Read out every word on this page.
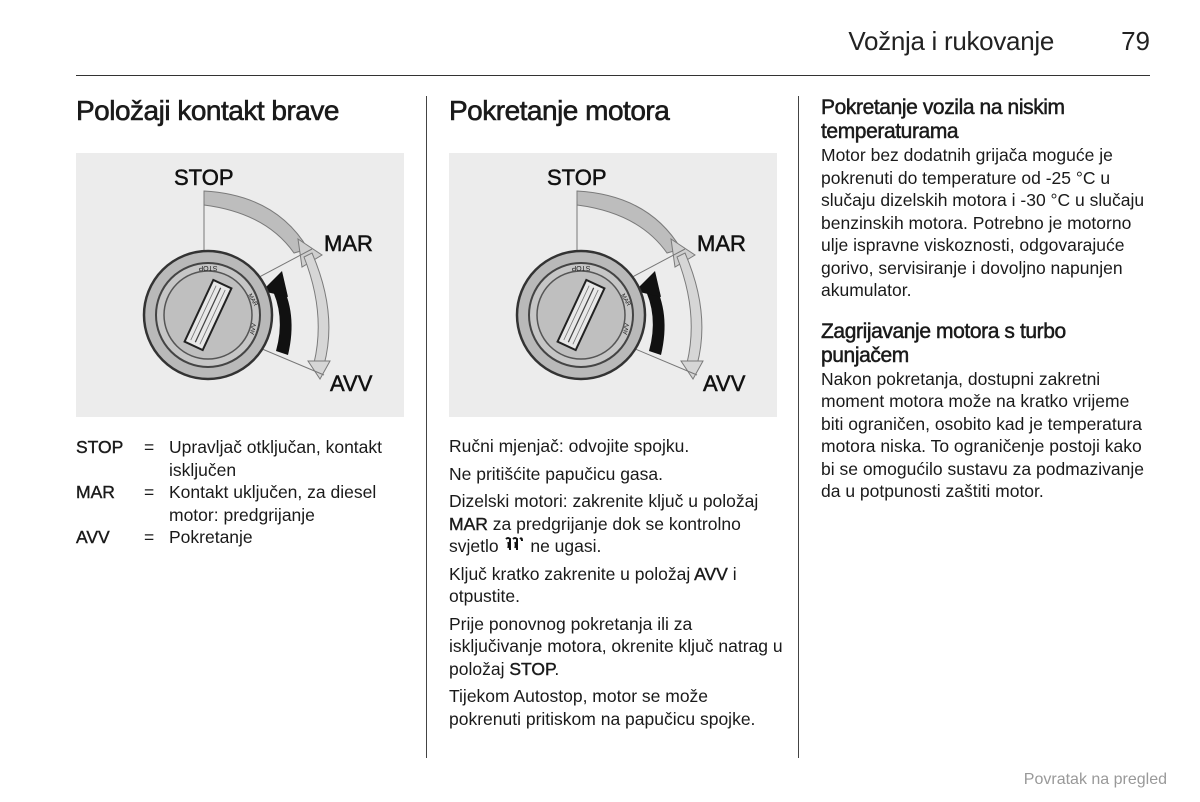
Vožnja i rukovanje	79
Položaji kontakt brave
STOP
MAR
AVV
STOP
MAR
AVV
STOP	= Upravljač otključan, kontakt isključen
MAR	= Kontakt uključen, za diesel motor: predgrijanje
AVV	= Pokretanje
Pokretanje motora
STOP
MAR
AVV
STOP
MAR
AVV

Ručni mjenjač: odvojite spojku.

Ne pritišćite papučicu gasa.

Dizelski motori: zakrenite ključ u položaj MAR za predgrijanje dok se kontrolno svjetlo  ne ugasi.

Ključ kratko zakrenite u položaj AVV i otpustite.

Prije ponovnog pokretanja ili za isključivanje motora, okrenite ključ natrag u položaj STOP.

Tijekom Autostop, motor se može pokrenuti pritiskom na papučicu spojke.

Pokretanje vozila na niskim temperaturama

Motor bez dodatnih grijača moguće je pokrenuti do temperature od -25 °C u slučaju dizelskih motora i -30 °C u slučaju benzinskih motora. Potrebno je motorno ulje ispravne viskoznosti, odgovarajuće gorivo, servisiranje i dovoljno napunjen akumulator.

Zagrijavanje motora s turbo punjačem

Nakon pokretanja, dostupni zakretni moment motora može na kratko vrijeme biti ograničen, osobito kad je temperatura motora niska. To ograničenje postoji kako bi se omogućilo sustavu za podmazivanje da u potpunosti zaštiti motor.

Povratak na pregled
